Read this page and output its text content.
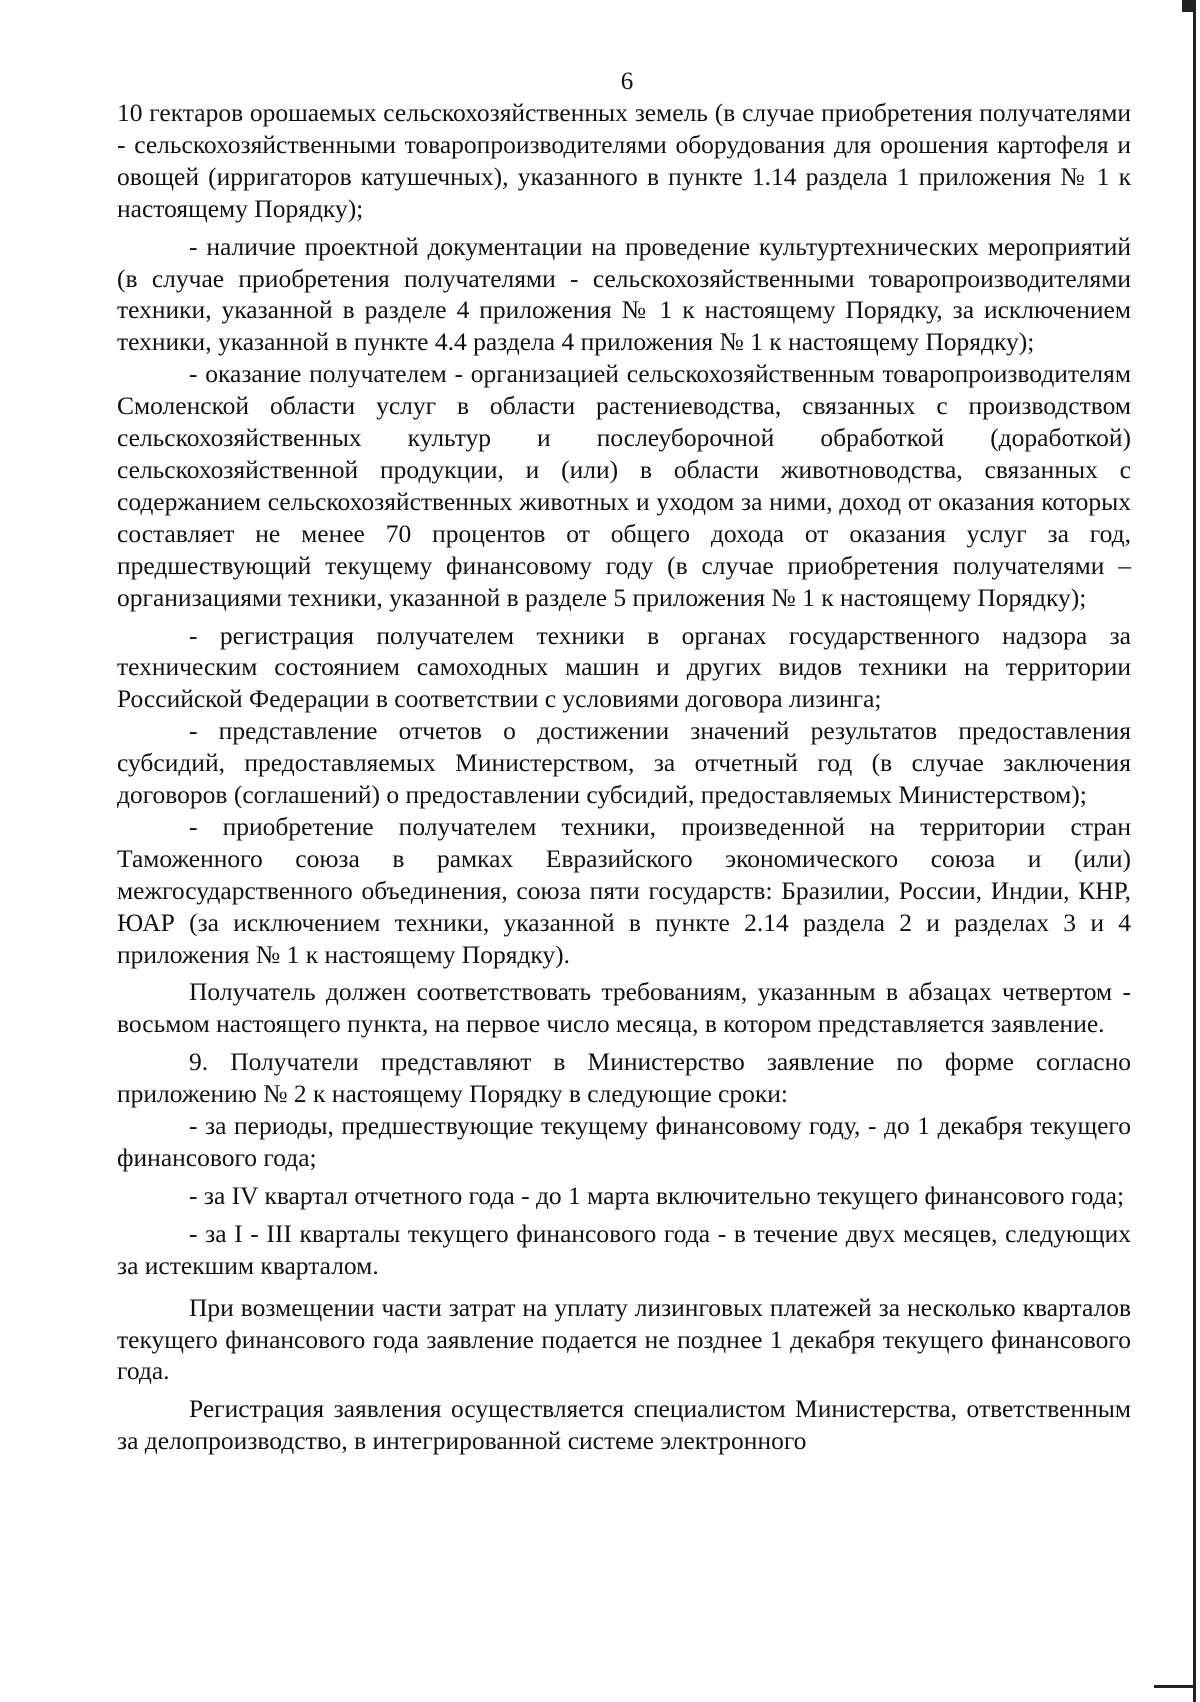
6

10 гектаров орошаемых сельскохозяйственных земель (в случае приобретения получателями - сельскохозяйственными товаропроизводителями оборудования для орошения картофеля и овощей (ирригаторов катушечных), указанного в пункте 1.14 раздела 1 приложения № 1 к настоящему Порядку);

- наличие проектной документации на проведение культуртехнических мероприятий (в случае приобретения получателями - сельскохозяйственными товаропроизводителями техники, указанной в разделе 4 приложения № 1 к настоящему Порядку, за исключением техники, указанной в пункте 4.4 раздела 4 приложения № 1 к настоящему Порядку);

- оказание получателем - организацией сельскохозяйственным товаропроизводителям Смоленской области услуг в области растениеводства, связанных с производством сельскохозяйственных культур и послеуборочной обработкой (доработкой) сельскохозяйственной продукции, и (или) в области животноводства, связанных с содержанием сельскохозяйственных животных и уходом за ними, доход от оказания которых составляет не менее 70 процентов от общего дохода от оказания услуг за год, предшествующий текущему финансовому году (в случае приобретения получателями – организациями техники, указанной в разделе 5 приложения № 1 к настоящему Порядку);

- регистрация получателем техники в органах государственного надзора за техническим состоянием самоходных машин и других видов техники на территории Российской Федерации в соответствии с условиями договора лизинга;

- представление отчетов о достижении значений результатов предоставления субсидий, предоставляемых Министерством, за отчетный год (в случае заключения договоров (соглашений) о предоставлении субсидий, предоставляемых Министерством);

- приобретение получателем техники, произведенной на территории стран Таможенного союза в рамках Евразийского экономического союза и (или) межгосударственного объединения, союза пяти государств: Бразилии, России, Индии, КНР, ЮАР (за исключением техники, указанной в пункте 2.14 раздела 2 и разделах 3 и 4 приложения № 1 к настоящему Порядку).

Получатель должен соответствовать требованиям, указанным в абзацах четвертом - восьмом настоящего пункта, на первое число месяца, в котором представляется заявление.

9. Получатели представляют в Министерство заявление по форме согласно приложению № 2 к настоящему Порядку в следующие сроки:

- за периоды, предшествующие текущему финансовому году, - до 1 декабря текущего финансового года;

- за IV квартал отчетного года - до 1 марта включительно текущего финансового года;

- за I - III кварталы текущего финансового года - в течение двух месяцев, следующих за истекшим кварталом.

При возмещении части затрат на уплату лизинговых платежей за несколько кварталов текущего финансового года заявление подается не позднее 1 декабря текущего финансового года.

Регистрация заявления осуществляется специалистом Министерства, ответственным за делопроизводство, в интегрированной системе электронного
